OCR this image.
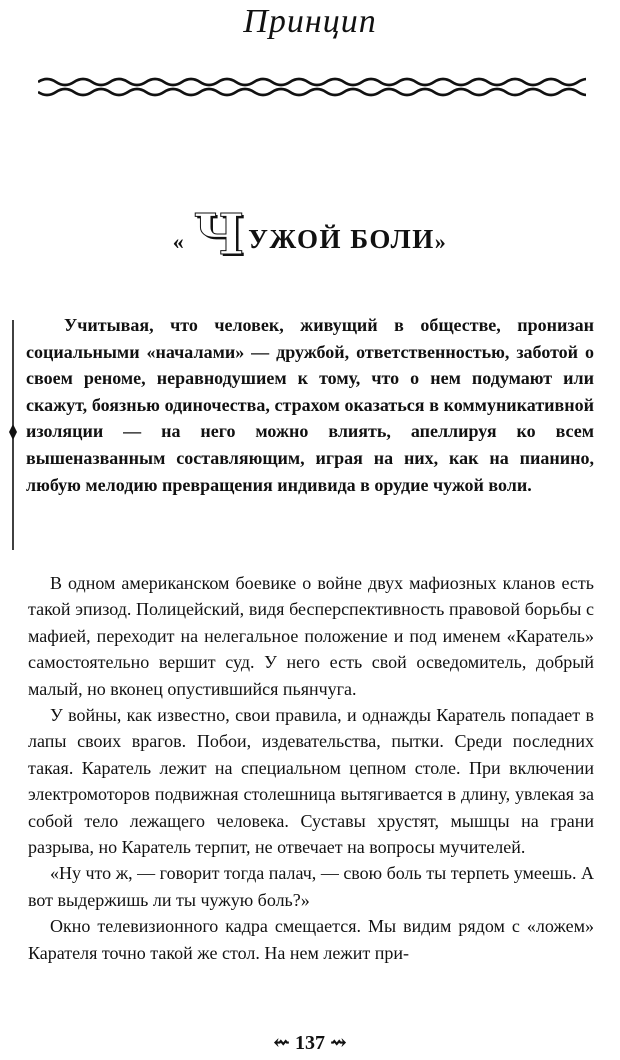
Принцип
« ЧУЖОЙ БОЛИ»

Учитывая, что человек, живущий в обществе, пронизан социальными «началами» — дружбой, ответственностью, заботой о своем реноме, неравнодушием к тому, что о нем подумают или скажут, боязнью одиночества, страхом оказаться в коммуникативной изоляции — на него можно влиять, апеллируя ко всем вышеназванным составляющим, играя на них, как на пианино, любую мелодию превращения индивида в орудие чужой воли.

В одном американском боевике о войне двух мафиозных кланов есть такой эпизод. Полицейский, видя бесперспективность правовой борьбы с мафией, переходит на нелегальное положение и под именем «Каратель» самостоятельно вершит суд. У него есть свой осведомитель, добрый малый, но вконец опустившийся пьянчуга.

У войны, как известно, свои правила, и однажды Каратель попадает в лапы своих врагов. Побои, издевательства, пытки. Среди последних такая. Каратель лежит на специальном цепном столе. При включении электромоторов подвижная столешница вытягивается в длину, увлекая за собой тело лежащего человека. Суставы хрустят, мышцы на грани разрыва, но Каратель терпит, не отвечает на вопросы мучителей.

«Ну что ж, — говорит тогда палач, — свою боль ты терпеть умеешь. А вот выдержишь ли ты чужую боль?»

Окно телевизионного кадра смещается. Мы видим рядом с «ложем» Карателя точно такой же стол. На нем лежит при-

⇜ 137 ⇝
